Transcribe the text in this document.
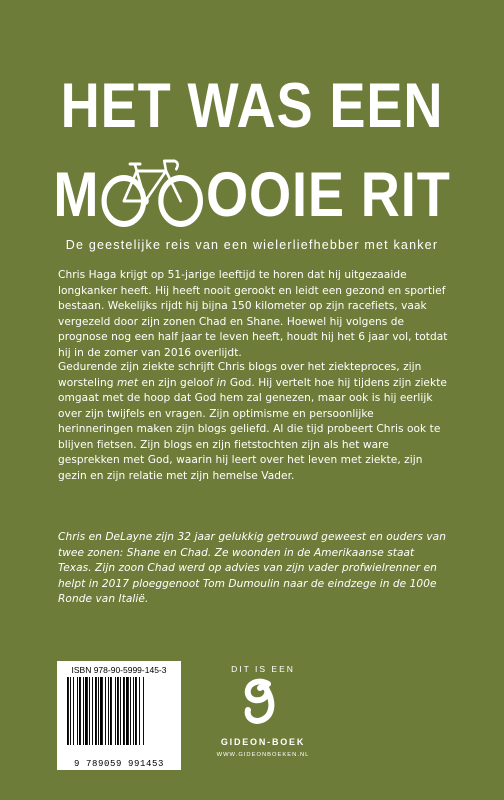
HET WAS EEN
M OO IE RIT
De geestelijke reis van een wielerliefhebber met kanker
Chris Haga krijgt op 51-jarige leeftijd te horen dat hij uitgezaaide longkanker heeft. Hij heeft nooit gerookt en leidt een gezond en sportief bestaan. Wekelijks rijdt hij bijna 150 kilometer op zijn racefiets, vaak vergezeld door zijn zonen Chad en Shane. Hoewel hij volgens de prognose nog een half jaar te leven heeft, houdt hij het 6 jaar vol, totdat hij in de zomer van 2016 overlijdt.
Gedurende zijn ziekte schrijft Chris blogs over het ziekteproces, zijn worsteling met en zijn geloof in God. Hij vertelt hoe hij tijdens zijn ziekte omgaat met de hoop dat God hem zal genezen, maar ook is hij eerlijk over zijn twijfels en vragen. Zijn optimisme en persoonlijke herinneringen maken zijn blogs geliefd. Al die tijd probeert Chris ook te blijven fietsen. Zijn blogs en zijn fietstochten zijn als het ware gesprekken met God, waarin hij leert over het leven met ziekte, zijn gezin en zijn relatie met zijn hemelse Vader.
Chris en DeLayne zijn 32 jaar gelukkig getrouwd geweest en ouders van twee zonen: Shane en Chad. Ze woonden in de Amerikaanse staat Texas. Zijn zoon Chad werd op advies van zijn vader profwielrenner en helpt in 2017 ploeggenoot Tom Dumoulin naar de eindzege in de 100e Ronde van Italië.
ISBN 978-90-5999-145-3
9 789059 991453
DIT IS EEN
GIDEON-BOEK
WWW.GIDEONBOEKEN.NL
